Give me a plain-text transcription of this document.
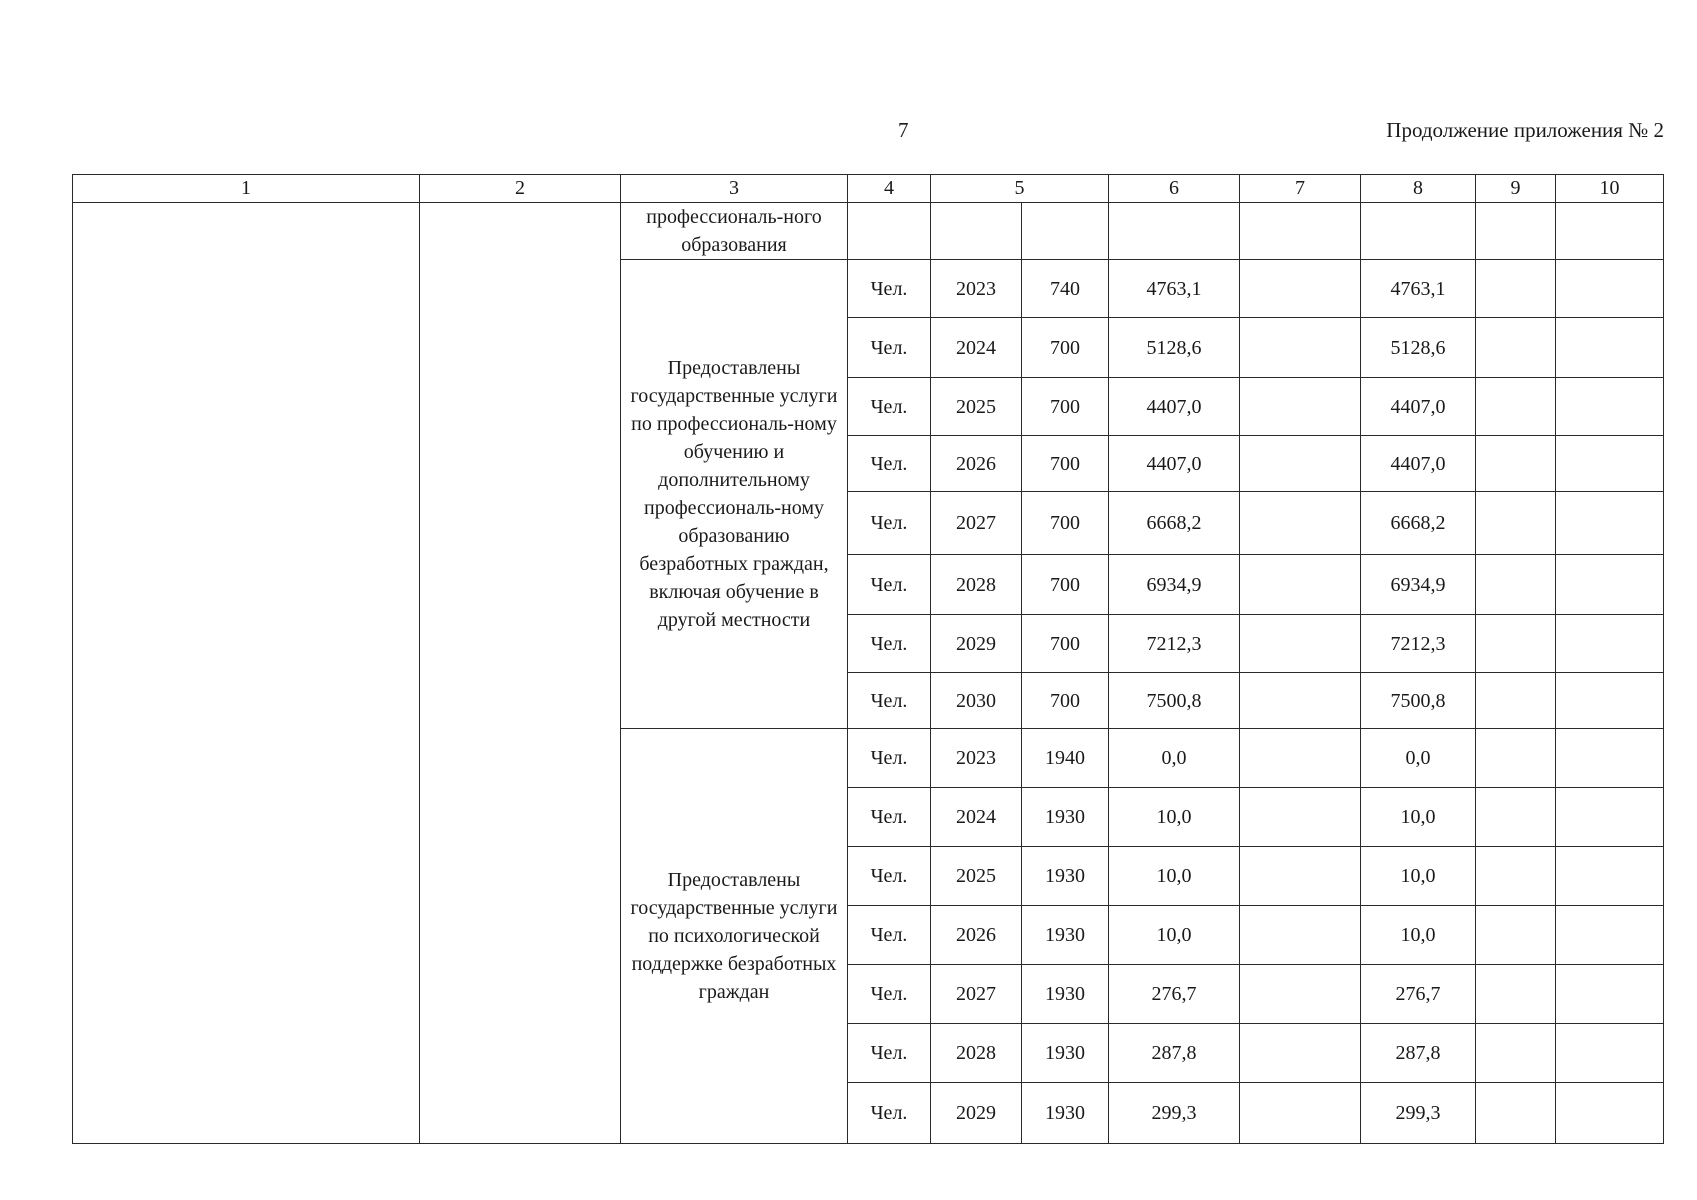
7	Продолжение приложения № 2
1	2	3	4	5		6	7	8	9	10
		профессиональ-ного образования								
		Предоставлены государственные услуги по профессиональ-ному обучению и дополнительному профессиональ-ному образованию безработных граждан, включая обучение в другой местности	Чел.	2023	740	4763,1		4763,1		
			Чел.	2024	700	5128,6		5128,6		
			Чел.	2025	700	4407,0		4407,0		
			Чел.	2026	700	4407,0		4407,0		
			Чел.	2027	700	6668,2		6668,2		
			Чел.	2028	700	6934,9		6934,9		
			Чел.	2029	700	7212,3		7212,3		
			Чел.	2030	700	7500,8		7500,8		
		Предоставлены государственные услуги по психологической поддержке безработных граждан	Чел.	2023	1940	0,0		0,0		
			Чел.	2024	1930	10,0		10,0		
			Чел.	2025	1930	10,0		10,0		
			Чел.	2026	1930	10,0		10,0		
			Чел.	2027	1930	276,7		276,7		
			Чел.	2028	1930	287,8		287,8		
			Чел.	2029	1930	299,3		299,3		
